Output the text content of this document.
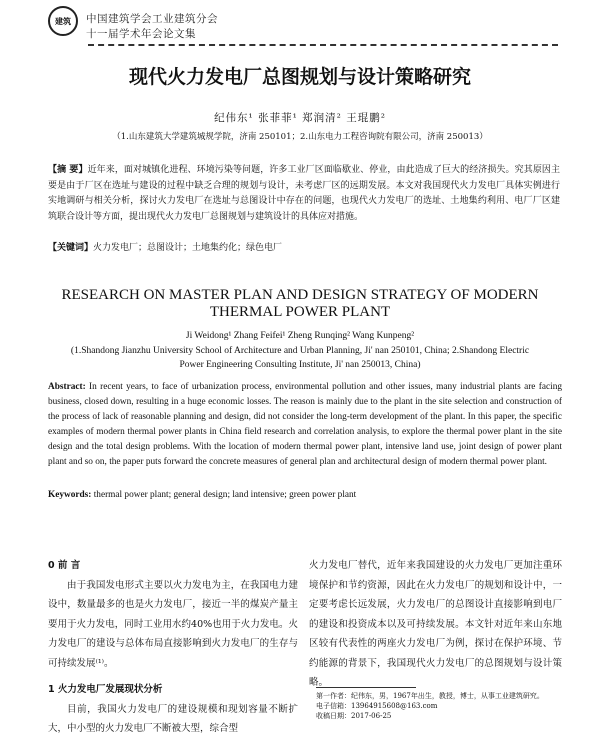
建筑	中国建筑学会工业建筑分会
十一届学术年会论文集
现代火力发电厂总图规划与设计策略研究
纪伟东¹ 张菲菲¹ 郑润清² 王琨鹏²
（1.山东建筑大学建筑城规学院，济南 250101；2.山东电力工程咨询院有限公司，济南 250013）
【摘 要】近年来，面对城镇化进程、环境污染等问题，许多工业厂区面临歇业、停业，由此造成了巨大的经济损失。究其原因主要是由于厂区在选址与建设的过程中缺乏合理的规划与设计，未考虑厂区的远期发展。本文对我国现代火力发电厂具体实例进行实地调研与相关分析，探讨火力发电厂在选址与总图设计中存在的问题，也现代火力发电厂的选址、土地集约利用、电厂厂区建筑联合设计等方面，提出现代火力发电厂总图规划与建筑设计的具体应对措施。
【关键词】火力发电厂；总图设计；土地集约化；绿色电厂
RESEARCH ON MASTER PLAN AND DESIGN STRATEGY OF MODERN
THERMAL POWER PLANT
Ji Weidong¹ Zhang Feifei¹ Zheng Runqing² Wang Kunpeng²
(1.Shandong Jianzhu University School of Architecture and Urban Planning, Ji' nan 250101, China; 2.Shandong Electric
Power Engineering Consulting Institute, Ji' nan 250013, China)
Abstract: In recent years, to face of urbanization process, environmental pollution and other issues, many industrial plants are facing business, closed down, resulting in a huge economic losses. The reason is mainly due to the plant in the site selection and construction of the process of lack of reasonable planning and design, did not consider the long-term development of the plant. In this paper, the specific examples of modern thermal power plants in China field research and correlation analysis, to explore the thermal power plant in the site design and the total design problems. With the location of modern thermal power plant, intensive land use, joint design of power plant plant and so on, the paper puts forward the concrete measures of general plan and architectural design of modern thermal power plant.
Keywords: thermal power plant; general design; land intensive; green power plant

0 前 言

由于我国发电形式主要以火力发电为主，在我国电力建设中，数量最多的也是火力发电厂，接近一半的煤炭产量主要用于火力发电，同时工业用水约40%也用于火力发电。火力发电厂的建设与总体布局直接影响到火力发电厂的生存与可持续发展⁽¹⁾。

1 火力发电厂发展现状分析

目前，我国火力发电厂的建设规模和现划容量不断扩大，中小型的火力发电厂不断被大型，综合型

火力发电厂替代，近年来我国建设的火力发电厂更加注重环境保护和节约资源，因此在火力发电厂的规划和设计中，一定要考虑长远发展，火力发电厂的总图设计直接影响到电厂的建设和投资成本以及可持续发展。本文针对近年来山东地区较有代表性的两座火力发电厂为例，探讨在保护环境、节约能源的背景下，我国现代火力发电厂的总图规划与设计策略。

第一作者：纪伟东，男，1967年出生，教授，博士，从事工业建筑研究。
电子信箱：13964915608@163.com
收稿日期：2017-06-25
